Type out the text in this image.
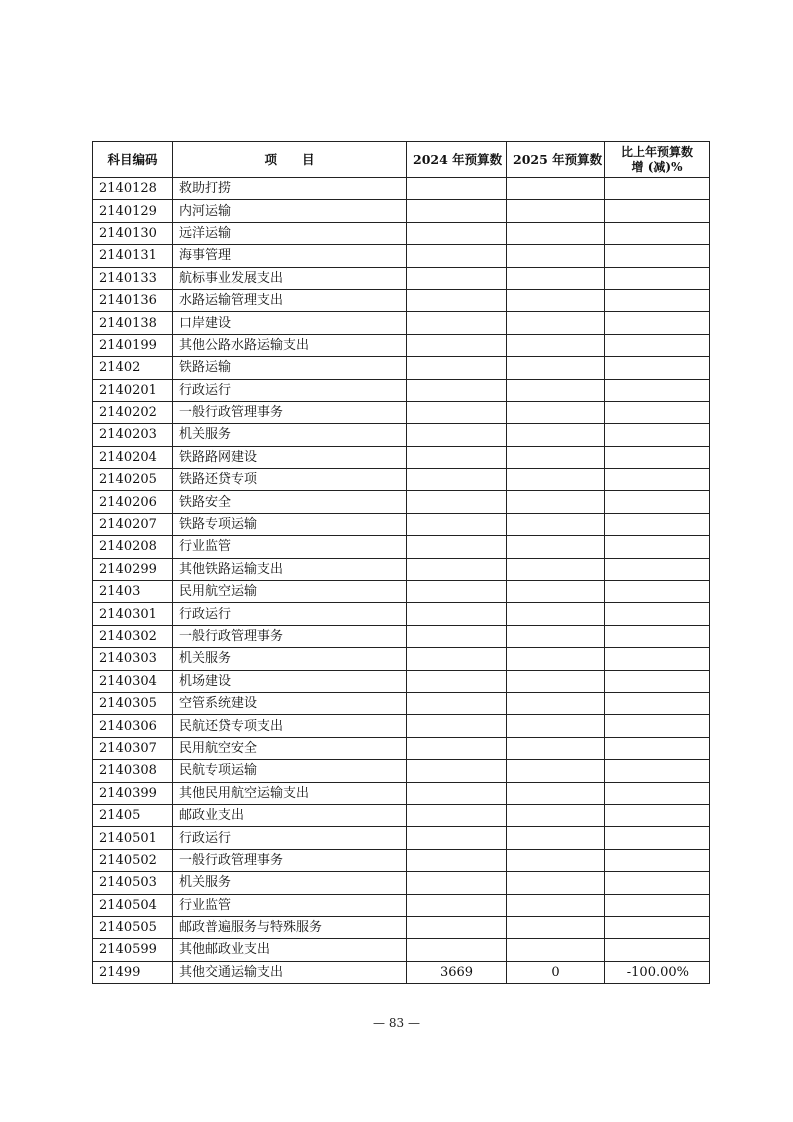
科目编码	项　　目	2024 年预算数	2025 年预算数	比上年预算数
增 (减)%
2140128	救助打捞			
2140129	内河运输			
2140130	远洋运输			
2140131	海事管理			
2140133	航标事业发展支出			
2140136	水路运输管理支出			
2140138	口岸建设			
2140199	其他公路水路运输支出			
21402	铁路运输			
2140201	行政运行			
2140202	一般行政管理事务			
2140203	机关服务			
2140204	铁路路网建设			
2140205	铁路还贷专项			
2140206	铁路安全			
2140207	铁路专项运输			
2140208	行业监管			
2140299	其他铁路运输支出			
21403	民用航空运输			
2140301	行政运行			
2140302	一般行政管理事务			
2140303	机关服务			
2140304	机场建设			
2140305	空管系统建设			
2140306	民航还贷专项支出			
2140307	民用航空安全			
2140308	民航专项运输			
2140399	其他民用航空运输支出			
21405	邮政业支出			
2140501	行政运行			
2140502	一般行政管理事务			
2140503	机关服务			
2140504	行业监管			
2140505	邮政普遍服务与特殊服务			
2140599	其他邮政业支出			
21499	其他交通运输支出	3669	0	-100.00%
— 83 —
